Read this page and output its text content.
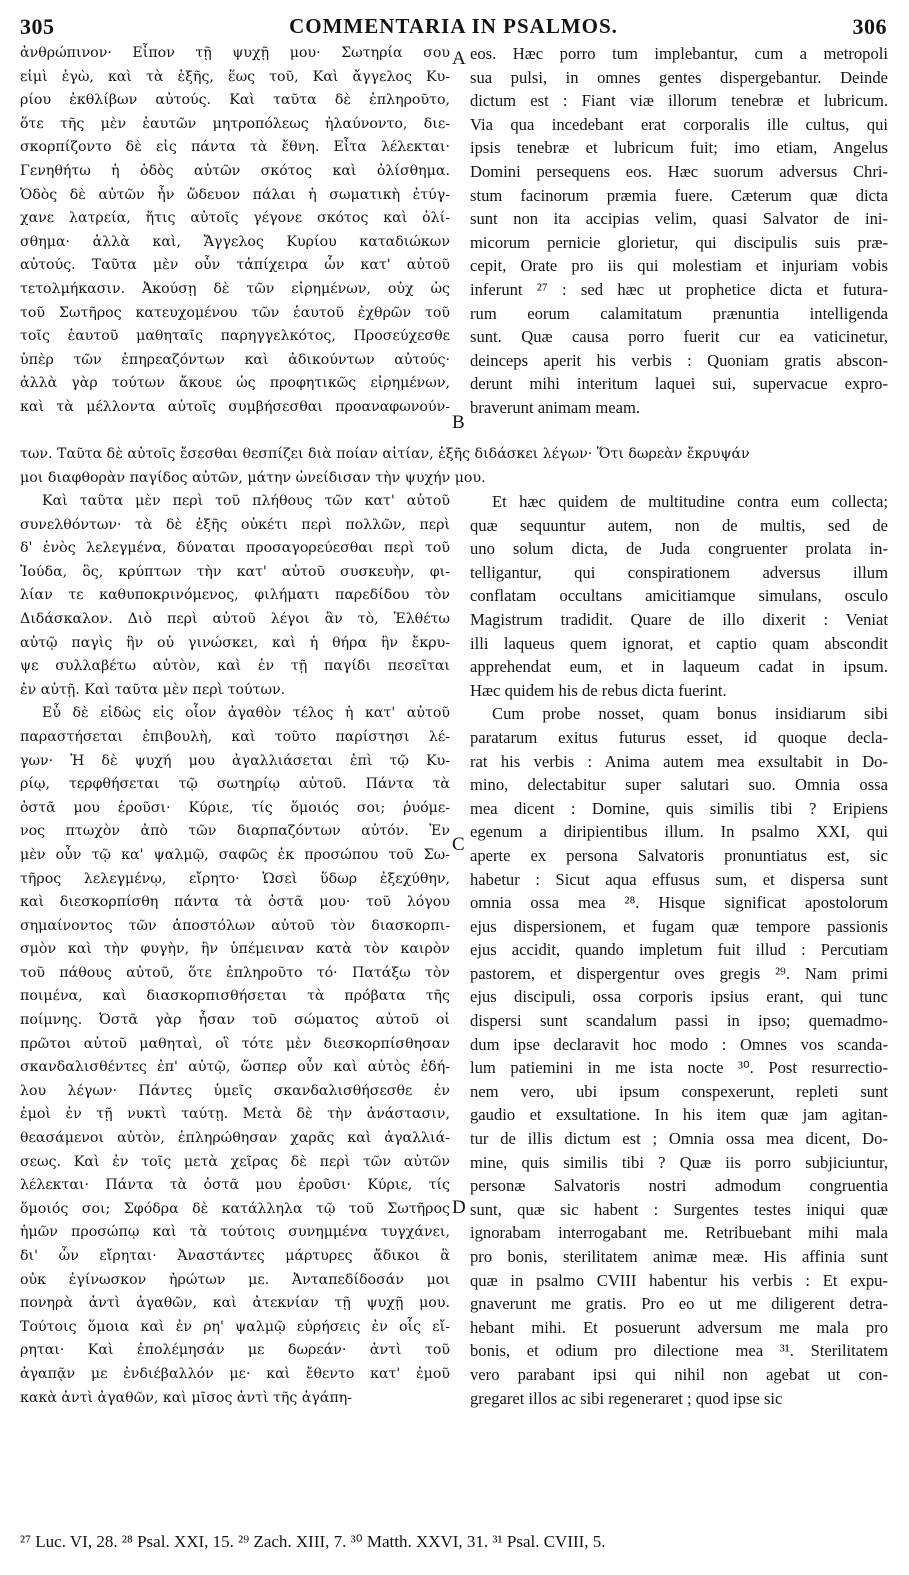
305	COMMENTARIA IN PSALMOS.	306
ἀνθρώπινον· Εἶπον τῇ ψυχῇ μου· Σωτηρία σου
εἰμὶ ἐγὼ, καὶ τὰ ἑξῆς, ἕως τοῦ, Καὶ ἄγγελος Κυ-
ρίου ἐκθλίβων αὐτούς. Καὶ ταῦτα δὲ ἐπληροῦτο,
ὅτε τῆς μὲν ἑαυτῶν μητροπόλεως ἠλαύνοντο, διε-
σκορπίζοντο δὲ εἰς πάντα τὰ ἔθνη. Εἶτα λέλεκται·
Γενηθήτω ἡ ὁδὸς αὐτῶν σκότος καὶ ὀλίσθημα.
Ὁδὸς δὲ αὐτῶν ἦν ὥδευον πάλαι ἡ σωματικὴ ἐτύγ-
χανε λατρεία, ἥτις αὐτοῖς γέγονε σκότος καὶ ὀλί-
σθημα· ἀλλὰ καὶ, Ἄγγελος Κυρίου καταδιώκων
αὐτούς. Ταῦτα μὲν οὖν τἀπίχειρα ὧν κατ' αὐτοῦ
τετολμήκασιν. Ἀκούσῃ δὲ τῶν εἰρημένων, οὐχ ὡς
τοῦ Σωτῆρος κατευχομένου τῶν ἑαυτοῦ ἐχθρῶν τοῦ
τοῖς ἑαυτοῦ μαθηταῖς παρηγγελκότος, Προσεύχεσθε
ὑπὲρ τῶν ἐπηρεαζόντων καὶ ἀδικούντων αὐτούς·
ἀλλὰ γὰρ τούτων ἄκουε ὡς προφητικῶς εἰρημένων,
καὶ τὰ μέλλοντα αὐτοῖς συμβήσεσθαι προαναφωνούν-
eos. Hæc porro tum implebantur, cum a metropoli
sua pulsi, in omnes gentes dispergebantur. Deinde
dictum est : Fiant viæ illorum tenebræ et lubricum.
Via qua incedebant erat corporalis ille cultus, qui
ipsis tenebræ et lubricum fuit; imo etiam, Angelus
Domini persequens eos. Hæc suorum adversus Chri-
stum facinorum præmia fuere. Cæterum quæ dicta
sunt non ita accipias velim, quasi Salvator de ini-
micorum pernicie glorietur, qui discipulis suis præ-
cepit, Orate pro iis qui molestiam et injuriam vobis
inferunt ²⁷ : sed hæc ut prophetice dicta et futura-
rum eorum calamitatum prænuntia intelligenda
sunt. Quæ causa porro fuerit cur ea vaticinetur,
deinceps aperit his verbis : Quoniam gratis abscon-
derunt mihi interitum laquei sui, supervacue expro-
braverunt animam meam.
των. Ταῦτα δὲ αὐτοῖς ἔσεσθαι θεσπίζει διὰ ποίαν αἰτίαν, ἑξῆς διδάσκει λέγων· Ὅτι δωρεὰν ἔκρυψάν
μοι διαφθορὰν παγίδος αὐτῶν, μάτην ὠνείδισαν τὴν ψυχήν μου.
Καὶ ταῦτα μὲν περὶ τοῦ πλήθους τῶν κατ' αὐτοῦ
συνελθόντων· τὰ δὲ ἑξῆς οὐκέτι περὶ πολλῶν, περὶ
δ' ἑνὸς λελεγμένα, δύναται προσαγορεύεσθαι περὶ τοῦ
Ἰούδα, ὃς, κρύπτων τὴν κατ' αὐτοῦ συσκευὴν, φι-
λίαν τε καθυποκρινόμενος, φιλήματι παρεδίδου τὸν
Διδάσκαλον. Διὸ περὶ αὐτοῦ λέγοι ἂν τὸ, Ἐλθέτω
αὐτῷ παγὶς ἣν οὐ γινώσκει, καὶ ἡ θήρα ἣν ἔκρυ-
ψε συλλαβέτω αὐτὸν, καὶ ἐν τῇ παγίδι πεσεῖται
ἐν αὐτῇ. Καὶ ταῦτα μὲν περὶ τούτων.
Εὖ δὲ εἰδὼς εἰς οἷον ἀγαθὸν τέλος ἡ κατ' αὐτοῦ
παραστήσεται ἐπιβουλὴ, καὶ τοῦτο παρίστησι λέ-
γων· Ἡ δὲ ψυχή μου ἀγαλλιάσεται ἐπὶ τῷ Κυ-
ρίῳ, τερφθήσεται τῷ σωτηρίῳ αὐτοῦ. Πάντα τὰ
ὀστᾶ μου ἐροῦσι· Κύριε, τίς ὅμοιός σοι; ῥυόμε-
νος πτωχὸν ἀπὸ τῶν διαρπαζόντων αὐτόν. Ἐν
μὲν οὖν τῷ κα' ψαλμῷ, σαφῶς ἐκ προσώπου τοῦ Σω-
τῆρος λελεγμένῳ, εἴρητο· Ὡσεὶ ὕδωρ ἐξεχύθην,
καὶ διεσκορπίσθη πάντα τὰ ὀστᾶ μου· τοῦ λόγου
σημαίνοντος τῶν ἀποστόλων αὐτοῦ τὸν διασκορπι-
σμὸν καὶ τὴν φυγὴν, ἣν ὑπέμειναν κατὰ τὸν καιρὸν
τοῦ πάθους αὐτοῦ, ὅτε ἐπληροῦτο τό· Πατάξω τὸν
ποιμένα, καὶ διασκορπισθήσεται τὰ πρόβατα τῆς
ποίμνης. Ὀστᾶ γὰρ ἦσαν τοῦ σώματος αὐτοῦ οἱ
πρῶτοι αὐτοῦ μαθηταὶ, οἳ τότε μὲν διεσκορπίσθησαν
σκανδαλισθέντες ἐπ' αὐτῷ, ὥσπερ οὖν καὶ αὐτὸς ἐδή-
λου λέγων· Πάντες ὑμεῖς σκανδαλισθήσεσθε ἐν
ἐμοὶ ἐν τῇ νυκτὶ ταύτῃ. Μετὰ δὲ τὴν ἀνάστασιν,
θεασάμενοι αὐτὸν, ἐπληρώθησαν χαρᾶς καὶ ἀγαλλιά-
σεως. Καὶ ἐν τοῖς μετὰ χεῖρας δὲ περὶ τῶν αὐτῶν
λέλεκται· Πάντα τὰ ὀστᾶ μου ἐροῦσι· Κύριε, τίς
ὅμοιός σοι; Σφόδρα δὲ κατάλληλα τῷ τοῦ Σωτῆρος
ἡμῶν προσώπῳ καὶ τὰ τούτοις συνημμένα τυγχάνει,
δι' ὧν εἴρηται· Ἀναστάντες μάρτυρες ἄδικοι ἃ
οὐκ ἐγίνωσκον ἠρώτων με. Ἀνταπεδίδοσάν μοι
πονηρὰ ἀντὶ ἀγαθῶν, καὶ ἀτεκνίαν τῇ ψυχῇ μου.
Τούτοις ὅμοια καὶ ἐν ρη' ψαλμῷ εὑρήσεις ἐν οἷς εἴ-
ρηται· Καὶ ἐπολέμησάν με δωρεάν· ἀντὶ τοῦ
ἀγαπᾷν με ἐνδιέβαλλόν με· καὶ ἔθεντο κατ' ἐμοῦ
κακὰ ἀντὶ ἀγαθῶν, καὶ μῖσος ἀντὶ τῆς ἀγάπη-
Et hæc quidem de multitudine contra eum collecta;
quæ sequuntur autem, non de multis, sed de
uno solum dicta, de Juda congruenter prolata in-
telligantur, qui conspirationem adversus illum
conflatam occultans amicitiamque simulans, osculo
Magistrum tradidit. Quare de illo dixerit : Veniat
illi laqueus quem ignorat, et captio quam abscondit
apprehendat eum, et in laqueum cadat in ipsum.
Hæc quidem his de rebus dicta fuerint.
Cum probe nosset, quam bonus insidiarum sibi
paratarum exitus futurus esset, id quoque decla-
rat his verbis : Anima autem mea exsultabit in Do-
mino, delectabitur super salutari suo. Omnia ossa
mea dicent : Domine, quis similis tibi ? Eripiens
egenum a diripientibus illum. In psalmo XXI, qui
aperte ex persona Salvatoris pronuntiatus est, sic
habetur : Sicut aqua effusus sum, et dispersa sunt
omnia ossa mea ²⁸. Hisque significat apostolorum
ejus dispersionem, et fugam quæ tempore passionis
ejus accidit, quando impletum fuit illud : Percutiam
pastorem, et dispergentur oves gregis ²⁹. Nam primi
ejus discipuli, ossa corporis ipsius erant, qui tunc
dispersi sunt scandalum passi in ipso; quemadmo-
dum ipse declaravit hoc modo : Omnes vos scanda-
lum patiemini in me ista nocte ³⁰. Post resurrectio-
nem vero, ubi ipsum conspexerunt, repleti sunt
gaudio et exsultatione. In his item quæ jam agitan-
tur de illis dictum est ; Omnia ossa mea dicent, Do-
mine, quis similis tibi ? Quæ iis porro subjiciuntur,
personæ Salvatoris nostri admodum congruentia
sunt, quæ sic habent : Surgentes testes iniqui quæ
ignorabam interrogabant me. Retribuebant mihi mala
pro bonis, sterilitatem animæ meæ. His affinia sunt
quæ in psalmo CVIII habentur his verbis : Et expu-
gnaverunt me gratis. Pro eo ut me diligerent detra-
hebant mihi. Et posuerunt adversum me mala pro
bonis, et odium pro dilectione mea ³¹. Sterilitatem
vero parabant ipsi qui nihil non agebat ut con-
gregaret illos ac sibi regeneraret ; quod ipse sic
A
B
C
D
²⁷ Luc. VI, 28. ²⁸ Psal. XXI, 15. ²⁹ Zach. XIII, 7. ³⁰ Matth. XXVI, 31. ³¹ Psal. CVIII, 5.
